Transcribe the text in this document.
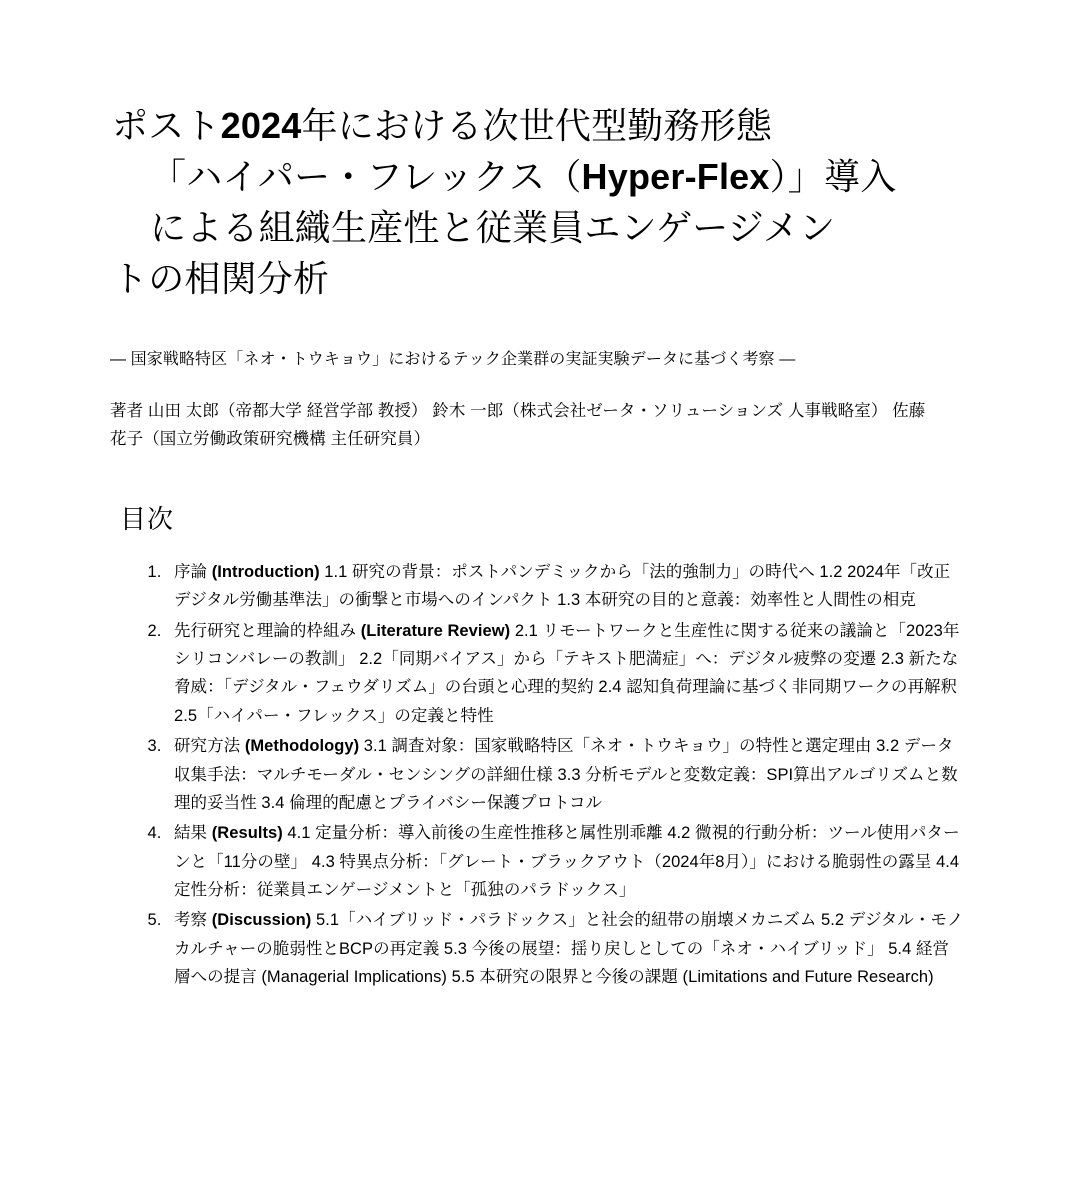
ポスト2024年における次世代型勤務形態
「ハイパー・フレックス（Hyper-Flex）」導入
による組織生産性と従業員エンゲージメン
トの相関分析
— 国家戦略特区「ネオ・トウキョウ」におけるテック企業群の実証実験データに基づく考察 —
著者 山田 太郎（帝都大学 経営学部 教授） 鈴木 一郎（株式会社ゼータ・ソリューションズ 人事戦略室） 佐藤 花子（国立労働政策研究機構 主任研究員）
目次
1. 序論 (Introduction) 1.1 研究の背景：ポストパンデミックから「法的強制力」の時代へ 1.2 2024年「改正デジタル労働基準法」の衝撃と市場へのインパクト 1.3 本研究の目的と意義：効率性と人間性の相克
2. 先行研究と理論的枠組み (Literature Review) 2.1 リモートワークと生産性に関する従来の議論と「2023年シリコンバレーの教訓」 2.2「同期バイアス」から「テキスト肥満症」へ：デジタル疲弊の変遷 2.3 新たな脅威：「デジタル・フェウダリズム」の台頭と心理的契約 2.4 認知負荷理論に基づく非同期ワークの再解釈 2.5「ハイパー・フレックス」の定義と特性
3. 研究方法 (Methodology) 3.1 調査対象：国家戦略特区「ネオ・トウキョウ」の特性と選定理由 3.2 データ収集手法：マルチモーダル・センシングの詳細仕様 3.3 分析モデルと変数定義：SPI算出アルゴリズムと数理的妥当性 3.4 倫理的配慮とプライバシー保護プロトコル
4. 結果 (Results) 4.1 定量分析：導入前後の生産性推移と属性別乖離 4.2 微視的行動分析：ツール使用パターンと「11分の壁」 4.3 特異点分析：「グレート・ブラックアウト（2024年8月）」における脆弱性の露呈 4.4 定性分析：従業員エンゲージメントと「孤独のパラドックス」
5. 考察 (Discussion) 5.1「ハイブリッド・パラドックス」と社会的紐帯の崩壊メカニズム 5.2 デジタル・モノカルチャーの脆弱性とBCPの再定義 5.3 今後の展望：揺り戻しとしての「ネオ・ハイブリッド」 5.4 経営層への提言 (Managerial Implications) 5.5 本研究の限界と今後の課題 (Limitations and Future Research)
